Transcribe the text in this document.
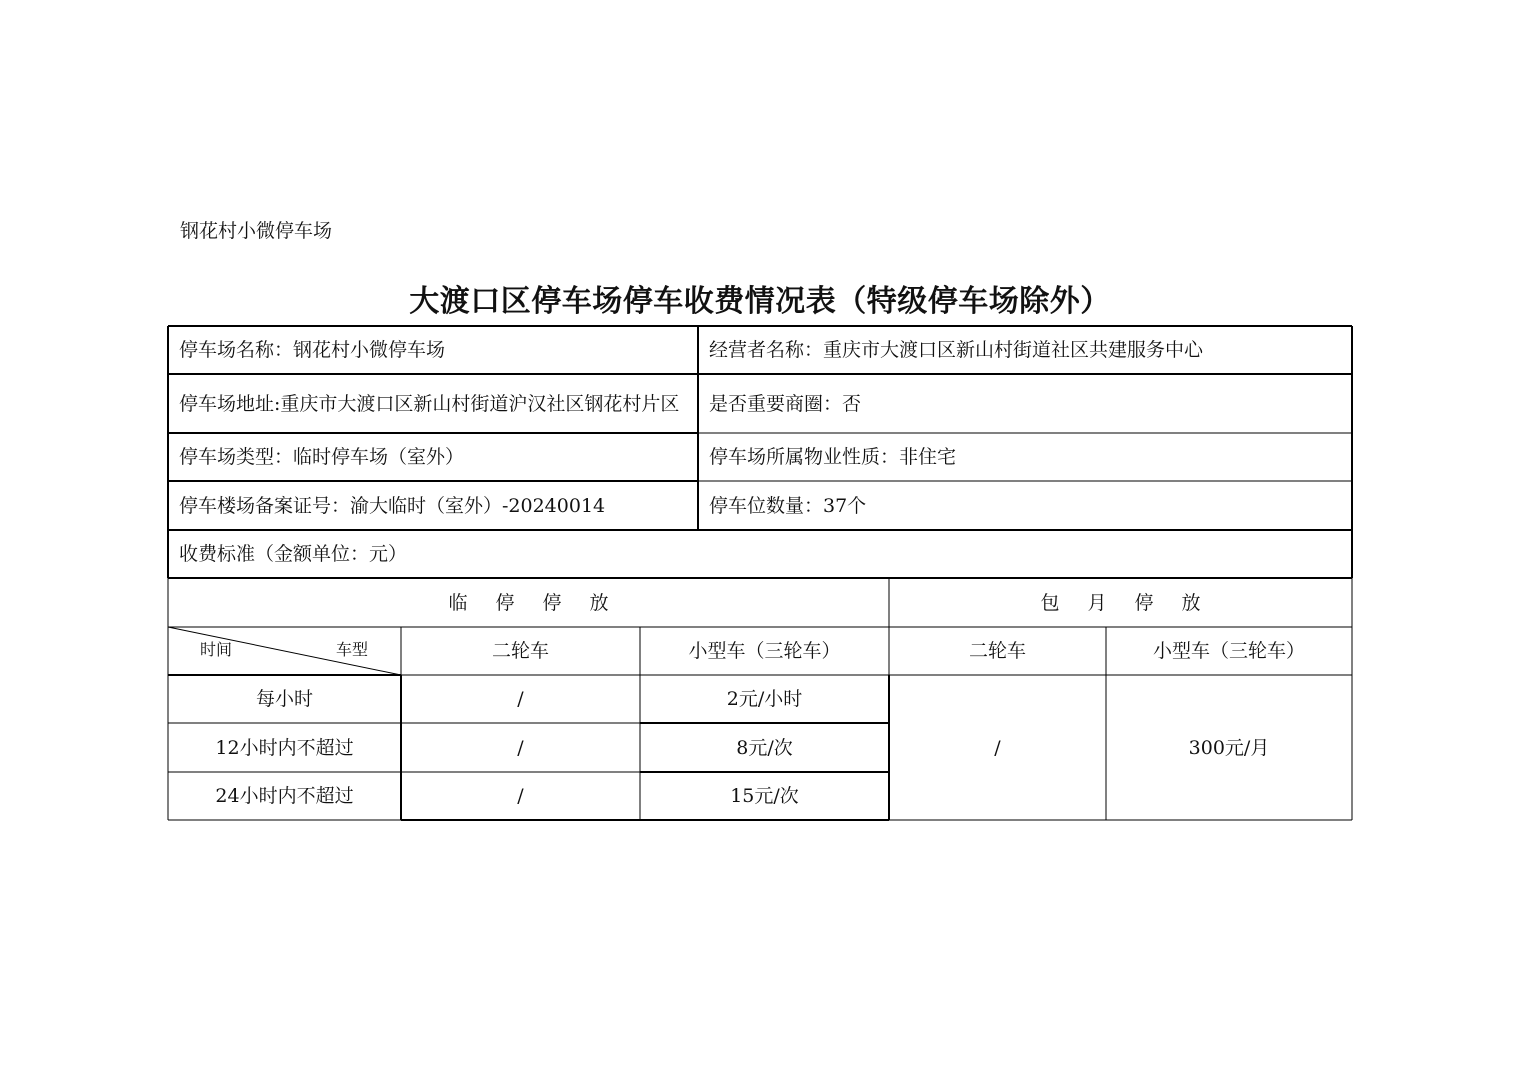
钢花村小微停车场
大渡口区停车场停车收费情况表（特级停车场除外）
停车场名称：钢花村小微停车场	经营者名称：重庆市大渡口区新山村街道社区共建服务中心
停车场地址:重庆市大渡口区新山村街道沪汉社区钢花村片区	是否重要商圈：否
停车场类型：临时停车场（室外）	停车场所属物业性质：非住宅
停车楼场备案证号：渝大临时（室外）-20240014	停车位数量：37个
收费标准（金额单位：元）
临停停放	包月停放
时间	车型	二轮车	小型车（三轮车）	二轮车	小型车（三轮车）
每小时	/	2元/小时
12小时内不超过	/	8元/次
24小时内不超过	/	15元/次
/	300元/月
